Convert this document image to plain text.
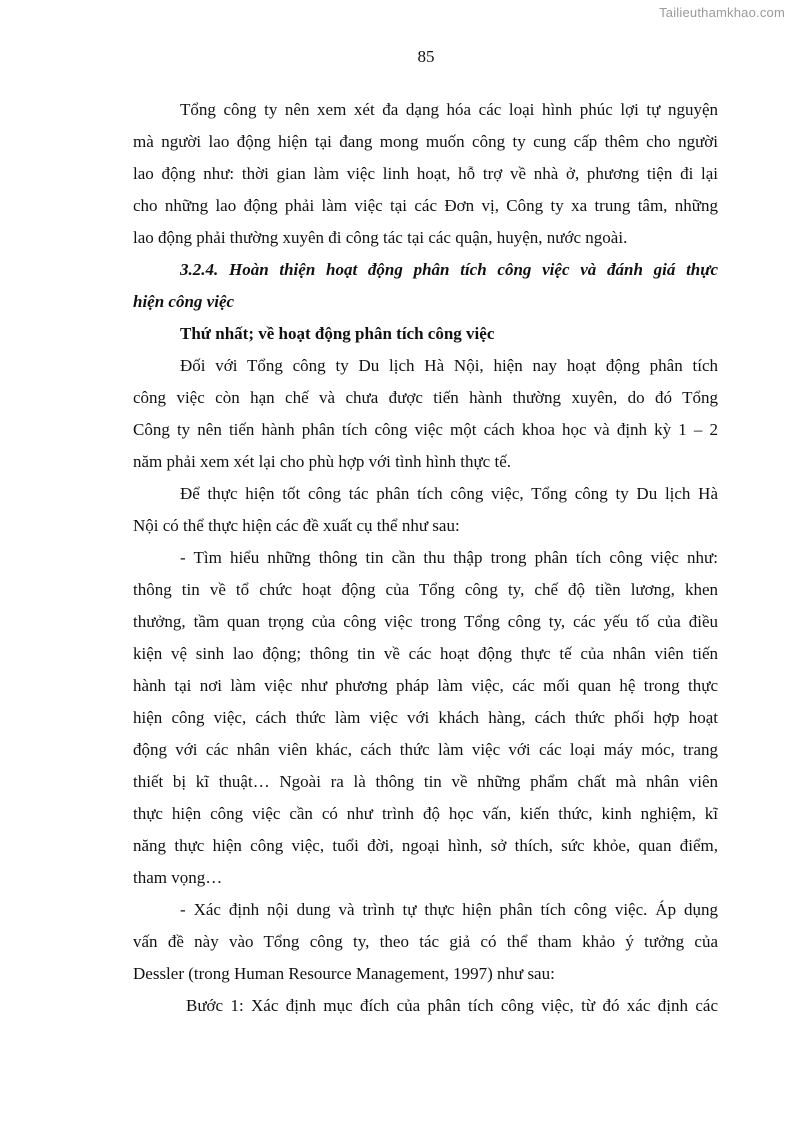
Tailieuthamkhao.com
85
Tổng công ty nên xem xét đa dạng hóa các loại hình phúc lợi tự nguyện
mà người lao động hiện tại đang mong muốn công ty cung cấp thêm cho người
lao động như: thời gian làm việc linh hoạt, hỗ trợ về nhà ở, phương tiện đi lại
cho những lao động phải làm việc tại các Đơn vị, Công ty xa trung tâm, những
lao động phải thường xuyên đi công tác tại các quận, huyện, nước ngoài.
3.2.4. Hoàn thiện hoạt động phân tích công việc và đánh giá thực
hiện công việc
Thứ nhất; về hoạt động phân tích công việc
Đối với Tổng công ty Du lịch Hà Nội, hiện nay hoạt động phân tích
công việc còn hạn chế và chưa được tiến hành thường xuyên, do đó Tổng
Công ty nên tiến hành phân tích công việc một cách khoa học và định kỳ 1 – 2
năm phải xem xét lại cho phù hợp với tình hình thực tế.
Để thực hiện tốt công tác phân tích công việc, Tổng công ty Du lịch Hà
Nội có thể thực hiện các đề xuất cụ thể như sau:
- Tìm hiểu những thông tin cần thu thập trong phân tích công việc như:
thông tin về tổ chức hoạt động của Tổng công ty, chế độ tiền lương, khen
thưởng, tầm quan trọng của công việc trong Tổng công ty, các yếu tố của điều
kiện vệ sinh lao động; thông tin về các hoạt động thực tế của nhân viên tiến
hành tại nơi làm việc như phương pháp làm việc, các mối quan hệ trong thực
hiện công việc, cách thức làm việc với khách hàng, cách thức phối hợp hoạt
động với các nhân viên khác, cách thức làm việc với các loại máy móc, trang
thiết bị kĩ thuật… Ngoài ra là thông tin về những phẩm chất mà nhân viên
thực hiện công việc cần có như trình độ học vấn, kiến thức, kinh nghiệm, kĩ
năng thực hiện công việc, tuổi đời, ngoại hình, sở thích, sức khỏe, quan điểm,
tham vọng…
- Xác định nội dung và trình tự thực hiện phân tích công việc. Áp dụng
vấn đề này vào Tổng công ty, theo tác giả có thể tham khảo ý tưởng của
Dessler (trong Human Resource Management, 1997) như sau:
Bước 1: Xác định mục đích của phân tích công việc, từ đó xác định các
